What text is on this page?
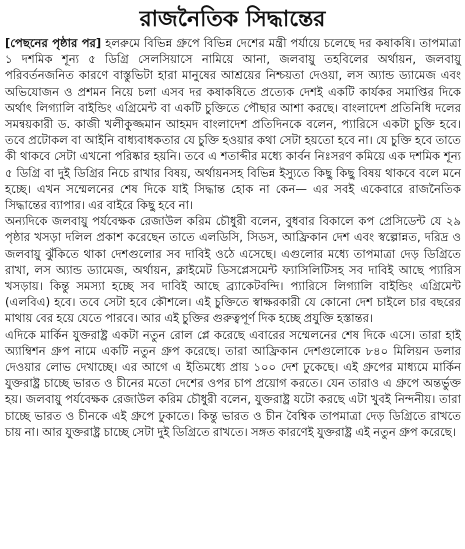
রাজনৈতিক সিদ্ধান্তের

[পেছনের পৃষ্ঠার পর] হলরুমে বিভিন্ন গ্রুপে বিভিন্ন দেশের মন্ত্রী পর্যায়ে চলেছে দর কষাকষি। তাপমাত্রা ১ দশমিক শূন্য ৫ ডিগ্রি সেলসিয়াসে নামিয়ে আনা, জলবায়ু তহবিলের অর্থায়ন, জলবায়ু পরিবর্তনজনিত কারণে বাস্তুভিটা হারা মানুষের আশ্রয়ের নিশ্চয়তা দেওয়া, লস অ্যান্ড ড্যামেজ এবং অভিযোজন ও প্রশমন নিয়ে চলা এসব দর কষাকষিতে প্রত্যেক দেশই একটি কার্যকর সমাপ্তির দিকে অর্থাৎ লিগ্যালি বাইন্ডিং এগ্রিমেন্ট বা একটি চুক্তিতে পৌছার আশা করছে। বাংলাদেশ প্রতিনিধি দলের সমন্বয়কারী ড. কাজী খলীকুজ্জমান আহমদ বাংলাদেশ প্রতিদিনকে বলেন, প্যারিসে একটা চুক্তি হবে। তবে প্রটোকল বা আইনি বাধ্যবাধকতার যে চুক্তি হওয়ার কথা সেটা হয়তো হবে না। যে চুক্তি হবে তাতে কী থাকবে সেটা এখনো পরিষ্কার হয়নি। তবে এ শতাব্দীর মধ্যে কার্বন নিঃসরণ কমিয়ে এক দশমিক শূন্য ৫ ডিগ্রি বা দুই ডিগ্রির নিচে রাখার বিষয়, অর্থায়নসহ বিভিন্ন ইস্যুতে কিছু কিছু বিষয় থাকবে বলে মনে হচ্ছে। এখন সম্মেলনের শেষ দিকে যাই সিদ্ধান্ত হোক না কেন— এর সবই একেবারে রাজনৈতিক সিদ্ধান্তের ব্যাপার। এর বাইরে কিছু হবে না।

অন্যদিকে জলবায়ু পর্যবেক্ষক রেজাউল করিম চৌধুরী বলেন, বুধবার বিকালে কপ প্রেসিডেন্ট যে ২৯ পৃষ্ঠার খসড়া দলিল প্রকাশ করেছেন তাতে এলডিসি, সিডস, আফ্রিকান দেশ এবং স্বল্পোন্নত, দরিদ্র ও জলবায়ু ঝুঁকিতে থাকা দেশগুলোর সব দাবিই ওঠে এসেছে। এগুলোর মধ্যে তাপমাত্রা দেড় ডিগ্রিতে রাখা, লস অ্যান্ড ড্যামেজ, অর্থায়ন, ক্লাইমেট ডিসপ্লেসমেন্ট ফ্যাসিলিটিসহ সব দাবিই আছে প্যারিস খসড়ায়। কিন্তু সমস্যা হচ্ছে সব দাবিই আছে ব্র্যাকেটবন্দি। প্যারিসে লিগ্যালি বাইন্ডিং এগ্রিমেন্ট (এলবিএ) হবে। তবে সেটা হবে কৌশলে। এই চুক্তিতে স্বাক্ষরকারী যে কোনো দেশ চাইলে চার বছরের মাথায় বের হয়ে যেতে পারবে। আর এই চুক্তির গুরুত্বপূর্ণ দিক হচ্ছে প্রযুক্তি হস্তান্তর।

এদিকে মার্কিন যুক্তরাষ্ট্র একটা নতুন রোল প্লে করেছে এবারের সম্মেলনের শেষ দিকে এসে। তারা হাই অ্যাম্বিশন গ্রুপ নামে একটি নতুন গ্রুপ করেছে। তারা আফ্রিকান দেশগুলোকে ৮৪০ মিলিয়ন ডলার দেওয়ার লোভ দেখাচ্ছে। এর আগে এ ইতিমধ্যে প্রায় ১০০ দেশ ঢুকেছে। এই গ্রুপের মাধ্যমে মার্কিন যুক্তরাষ্ট্র চাচ্ছে ভারত ও চীনের মতো দেশের ওপর চাপ প্রয়োগ করতে। যেন তারাও এ গ্রুপে অন্তর্ভুক্ত হয়। জলবায়ু পর্যবেক্ষক রেজাউল করিম চৌধুরী বলেন, যুক্তরাষ্ট্র যটো করছে এটা খুবই নিন্দনীয়। তারা চাচ্ছে ভারত ও চীনকে এই গ্রুপে ঢুকাতে। কিন্তু ভারত ও চীন বৈশ্বিক তাপমাত্রা দেড় ডিগ্রিতে রাখতে চায় না। আর যুক্তরাষ্ট্র চাচ্ছে সেটা দুই ডিগ্রিতে রাখতে। সঙ্গত কারণেই যুক্তরাষ্ট্র এই নতুন গ্রুপ করেছে।
